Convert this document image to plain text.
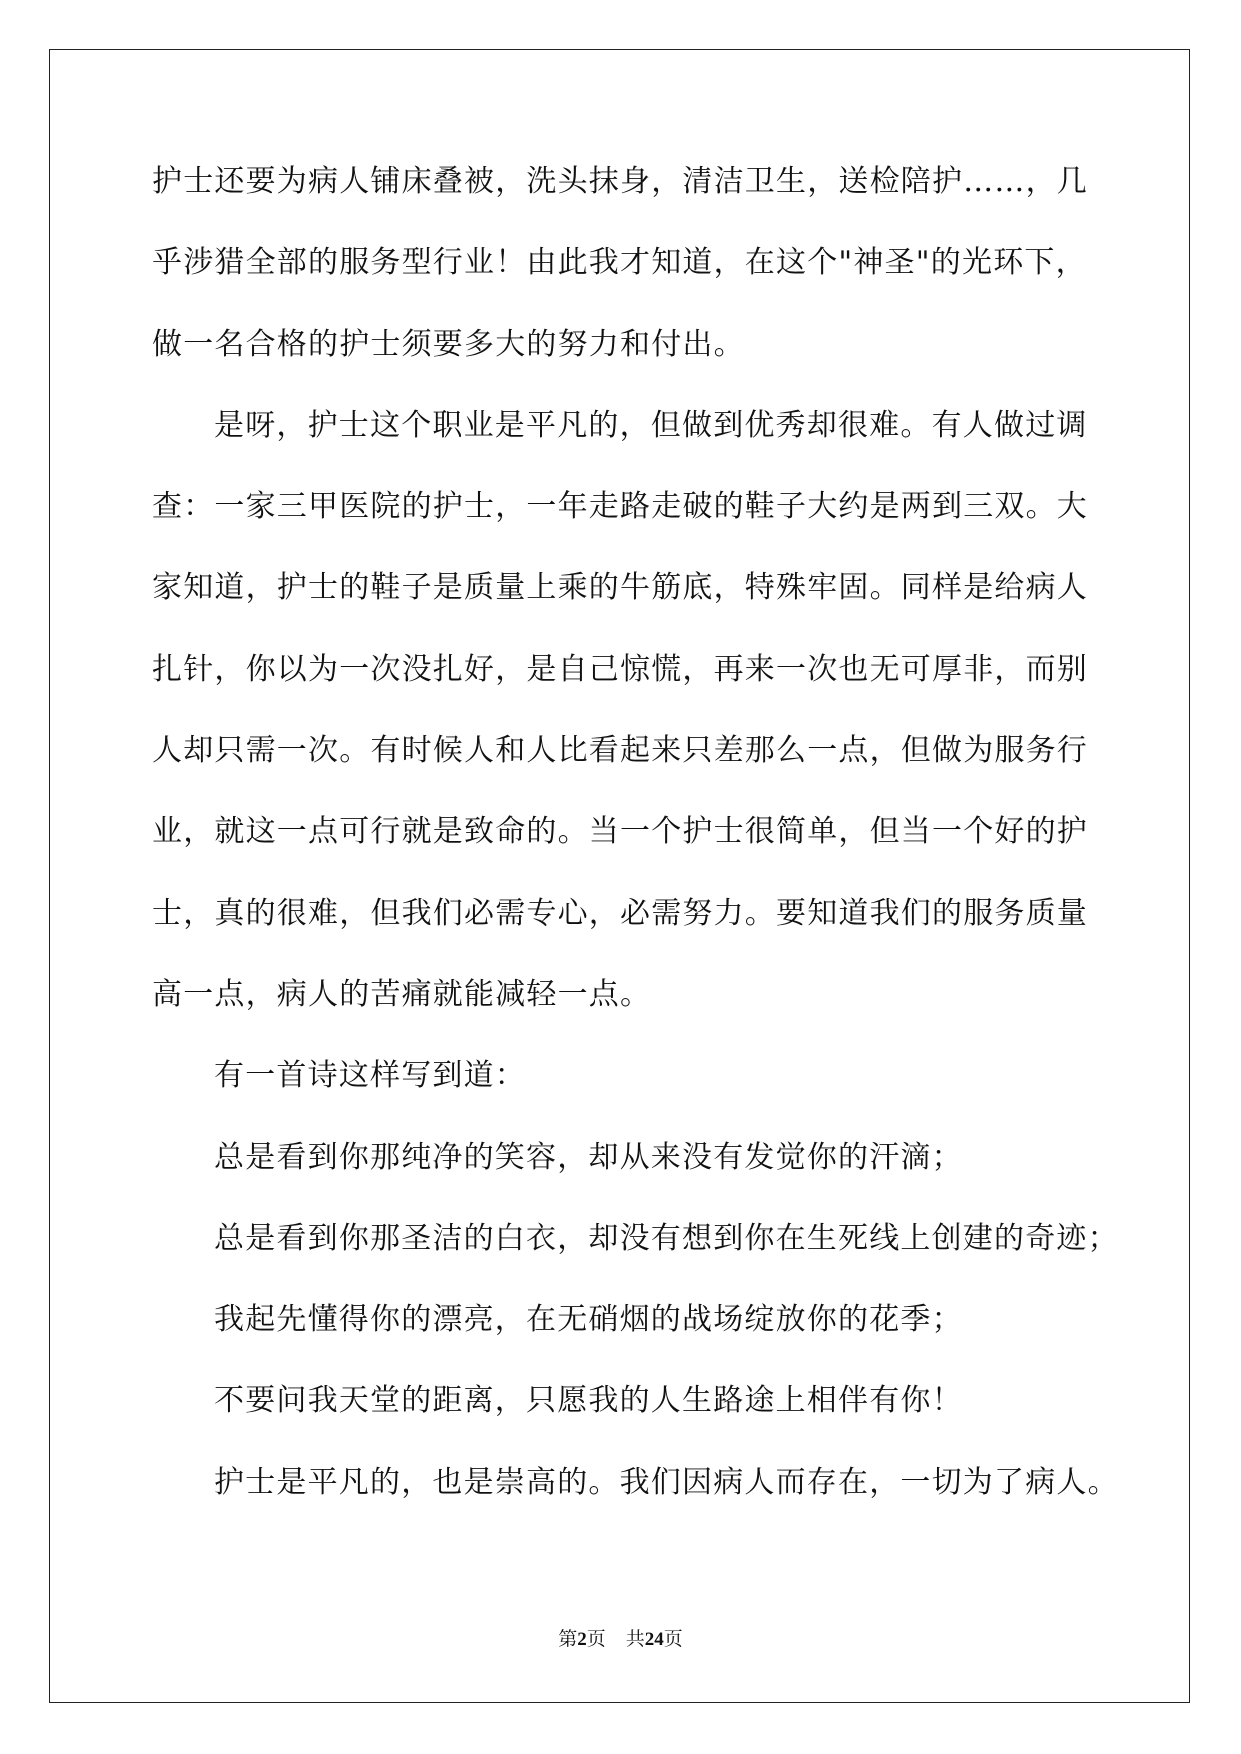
护士还要为病人铺床叠被，洗头抹身，清洁卫生，送检陪护……，几
乎涉猎全部的服务型行业！由此我才知道，在这个"神圣"的光环下，
做一名合格的护士须要多大的努力和付出。
是呀，护士这个职业是平凡的，但做到优秀却很难。有人做过调
查：一家三甲医院的护士，一年走路走破的鞋子大约是两到三双。大
家知道，护士的鞋子是质量上乘的牛筋底，特殊牢固。同样是给病人
扎针，你以为一次没扎好，是自己惊慌，再来一次也无可厚非，而别
人却只需一次。有时候人和人比看起来只差那么一点，但做为服务行
业，就这一点可行就是致命的。当一个护士很简单，但当一个好的护
士，真的很难，但我们必需专心，必需努力。要知道我们的服务质量
高一点，病人的苦痛就能减轻一点。
有一首诗这样写到道：
总是看到你那纯净的笑容，却从来没有发觉你的汗滴；
总是看到你那圣洁的白衣，却没有想到你在生死线上创建的奇迹；
我起先懂得你的漂亮，在无硝烟的战场绽放你的花季；
不要问我天堂的距离，只愿我的人生路途上相伴有你！
护士是平凡的，也是崇高的。我们因病人而存在，一切为了病人。
第2页 共24页
